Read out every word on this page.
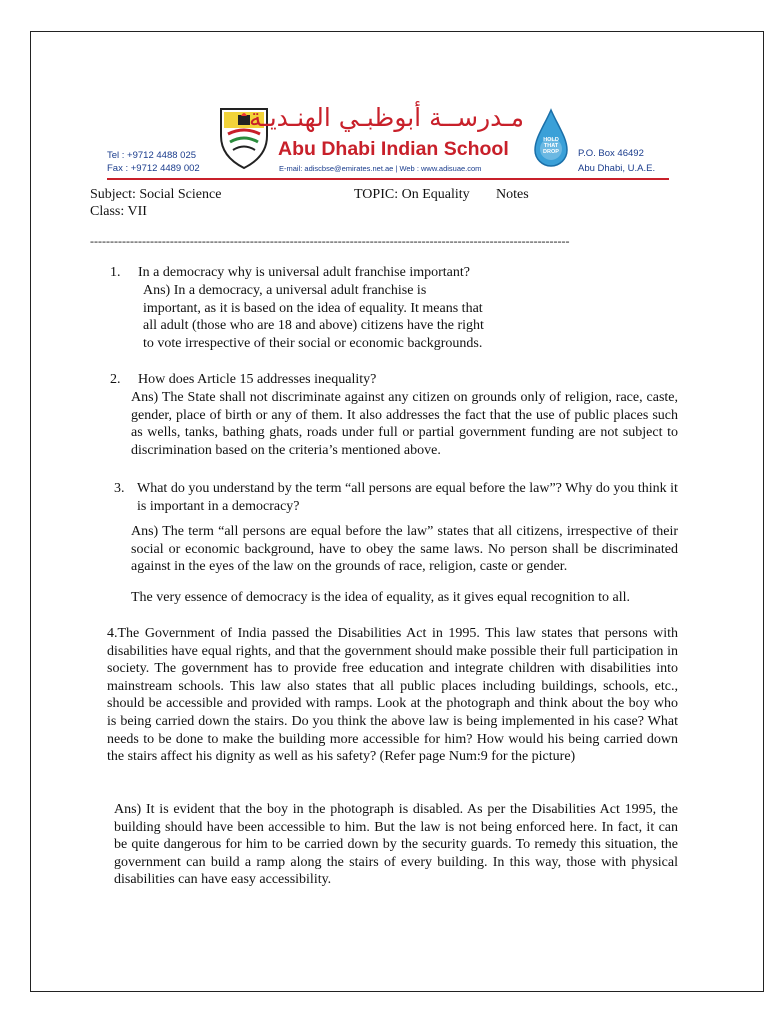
Tel : +9712 4488 025
Fax : +9712 4489 002
مـدرســة أبوظبـي الهنـديـة
Abu Dhabi Indian School
E-mail: adiscbse@emirates.net.ae | Web : www.adisuae.com
HOLD
THAT
DROP	P.O. Box 46492
Abu Dhabi, U.A.E.
Subject: Social Science	TOPIC: On Equality Notes
Class: VII
------------------------------------------------------------------------------------------------------------------------
1. In a democracy why is universal adult franchise important?
Ans) In a democracy, a universal adult franchise is important, as it is based on the idea of equality. It means that all adult (those who are 18 and above) citizens have the right to vote irrespective of their social or economic backgrounds.
2. How does Article 15 addresses inequality?
Ans) The State shall not discriminate against any citizen on grounds only of religion, race, caste, gender, place of birth or any of them. It also addresses the fact that the use of public places such as wells, tanks, bathing ghats, roads under full or partial government funding are not subject to discrimination based on the criteria’s mentioned above.
3. What do you understand by the term “all persons are equal before the law”? Why do you think it is important in a democracy?
Ans) The term “all persons are equal before the law” states that all citizens, irrespective of their social or economic background, have to obey the same laws. No person shall be discriminated against in the eyes of the law on the grounds of race, religion, caste or gender.
The very essence of democracy is the idea of equality, as it gives equal recognition to all.
4.The Government of India passed the Disabilities Act in 1995. This law states that persons with disabilities have equal rights, and that the government should make possible their full participation in society. The government has to provide free education and integrate children with disabilities into mainstream schools. This law also states that all public places including buildings, schools, etc., should be accessible and provided with ramps. Look at the photograph and think about the boy who is being carried down the stairs. Do you think the above law is being implemented in his case? What needs to be done to make the building more accessible for him? How would his being carried down the stairs affect his dignity as well as his safety? (Refer page Num:9 for the picture)
Ans) It is evident that the boy in the photograph is disabled. As per the Disabilities Act 1995, the building should have been accessible to him. But the law is not being enforced here. In fact, it can be quite dangerous for him to be carried down by the security guards. To remedy this situation, the government can build a ramp along the stairs of every building. In this way, those with physical disabilities can have easy accessibility.
